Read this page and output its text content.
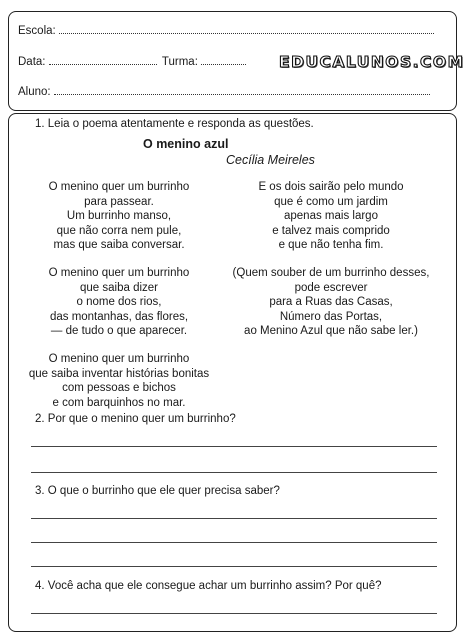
Escola:
Data:	Turma:	EDUCALUNOS.COM
Aluno:
1. Leia o poema atentamente e responda as questões.
O menino azul
Cecília Meireles
O menino quer um burrinho
para passear.
Um burrinho manso,
que não corra nem pule,
mas que saiba conversar.
O menino quer um burrinho
que saiba dizer
o nome dos rios,
das montanhas, das flores,
— de tudo o que aparecer.
O menino quer um burrinho
que saiba inventar histórias bonitas
com pessoas e bichos
e com barquinhos no mar.
E os dois sairão pelo mundo
que é como um jardim
apenas mais largo
e talvez mais comprido
e que não tenha fim.
(Quem souber de um burrinho desses,
pode escrever
para a Ruas das Casas,
Número das Portas,
ao Menino Azul que não sabe ler.)
2. Por que o menino quer um burrinho?
3. O que o burrinho que ele quer precisa saber?
4. Você acha que ele consegue achar um burrinho assim? Por quê?
